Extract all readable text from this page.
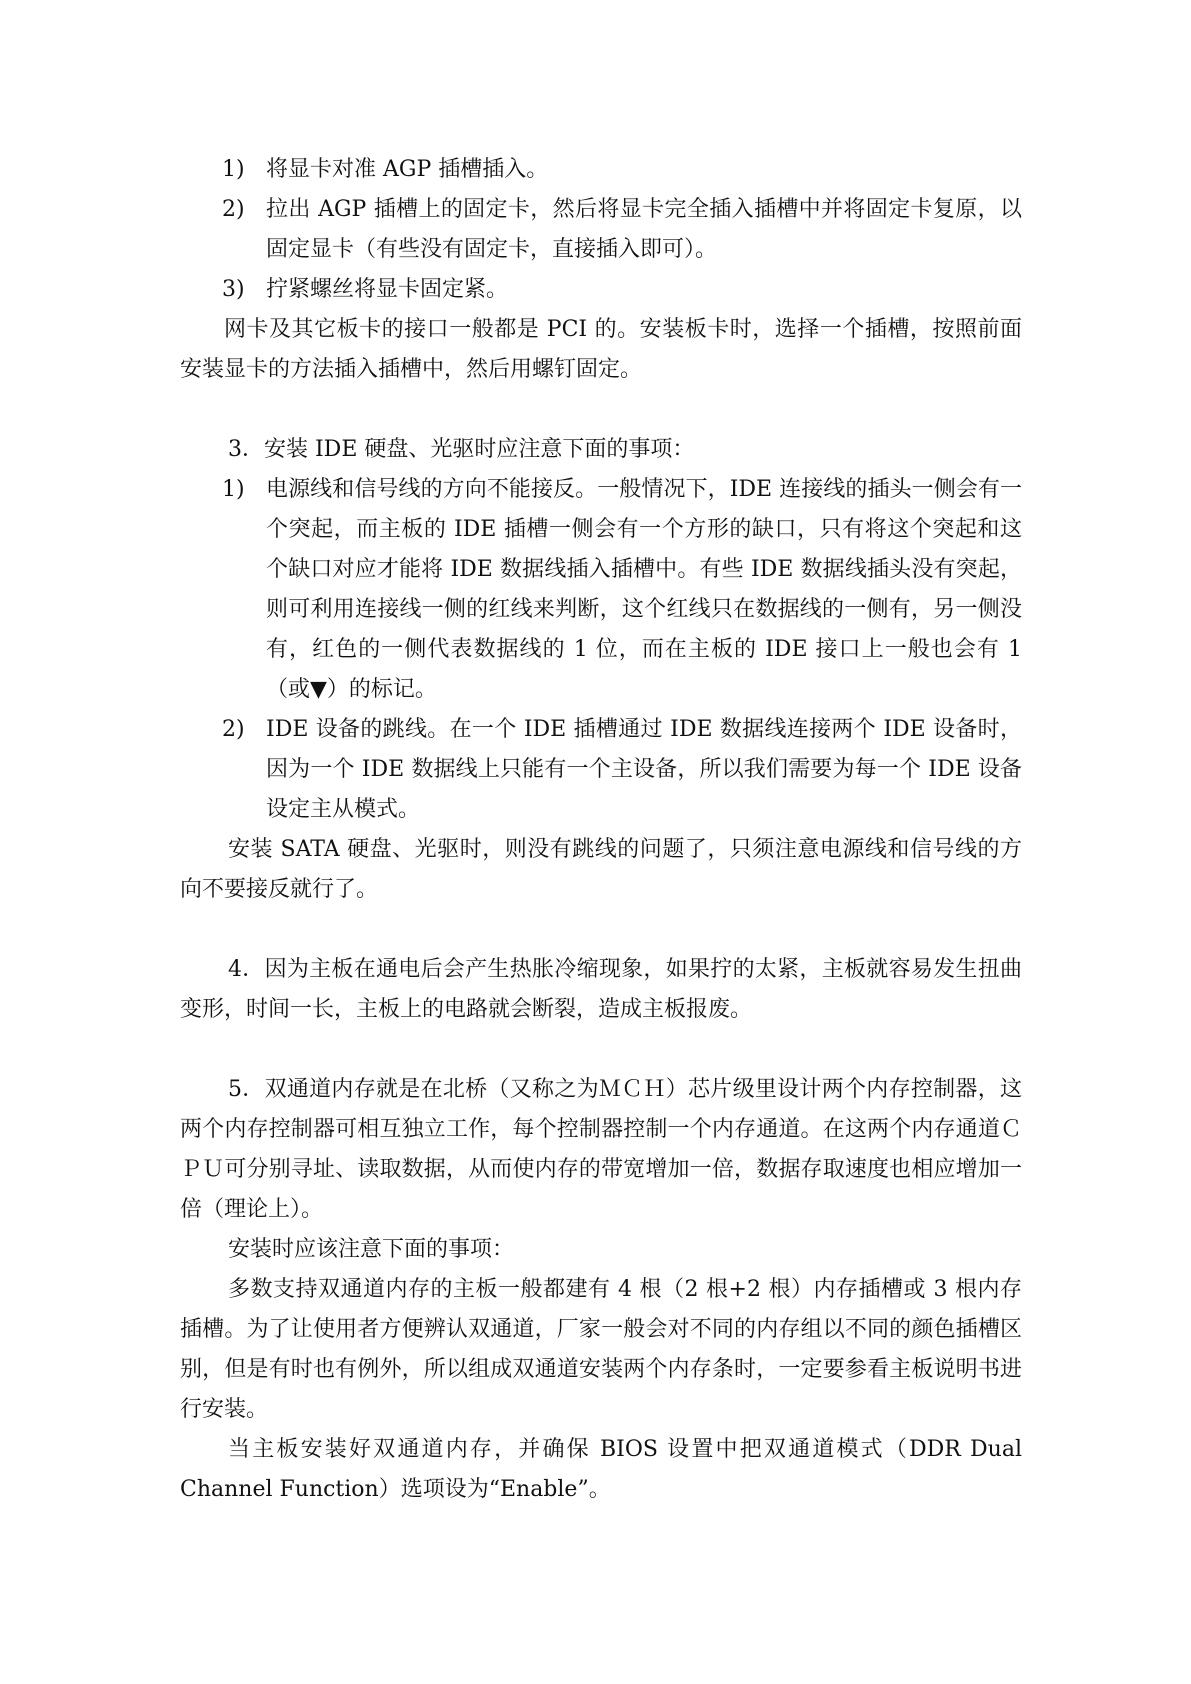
1) 将显卡对准 AGP 插槽插入。

2) 拉出 AGP 插槽上的固定卡，然后将显卡完全插入插槽中并将固定卡复原，以固定显卡（有些没有固定卡，直接插入即可）。

3) 拧紧螺丝将显卡固定紧。

网卡及其它板卡的接口一般都是 PCI 的。安装板卡时，选择一个插槽，按照前面安装显卡的方法插入插槽中，然后用螺钉固定。

3．安装 IDE 硬盘、光驱时应注意下面的事项：

1) 电源线和信号线的方向不能接反。一般情况下，IDE 连接线的插头一侧会有一个突起，而主板的 IDE 插槽一侧会有一个方形的缺口，只有将这个突起和这个缺口对应才能将 IDE 数据线插入插槽中。有些 IDE 数据线插头没有突起，则可利用连接线一侧的红线来判断，这个红线只在数据线的一侧有，另一侧没有，红色的一侧代表数据线的 1 位，而在主板的 IDE 接口上一般也会有 1（或▼）的标记。

2) IDE 设备的跳线。在一个 IDE 插槽通过 IDE 数据线连接两个 IDE 设备时，因为一个 IDE 数据线上只能有一个主设备，所以我们需要为每一个 IDE 设备设定主从模式。

安装 SATA 硬盘、光驱时，则没有跳线的问题了，只须注意电源线和信号线的方向不要接反就行了。

4．因为主板在通电后会产生热胀冷缩现象，如果拧的太紧，主板就容易发生扭曲变形，时间一长，主板上的电路就会断裂，造成主板报废。

5．双通道内存就是在北桥（又称之为ＭＣＨ）芯片级里设计两个内存控制器，这两个内存控制器可相互独立工作，每个控制器控制一个内存通道。在这两个内存通道ＣＰＵ可分别寻址、读取数据，从而使内存的带宽增加一倍，数据存取速度也相应增加一倍（理论上）。

安装时应该注意下面的事项：

多数支持双通道内存的主板一般都建有 4 根（2 根+2 根）内存插槽或 3 根内存插槽。为了让使用者方便辨认双通道，厂家一般会对不同的内存组以不同的颜色插槽区别，但是有时也有例外，所以组成双通道安装两个内存条时，一定要参看主板说明书进行安装。

当主板安装好双通道内存，并确保 BIOS 设置中把双通道模式（DDR Dual Channel Function）选项设为“Enable”。
